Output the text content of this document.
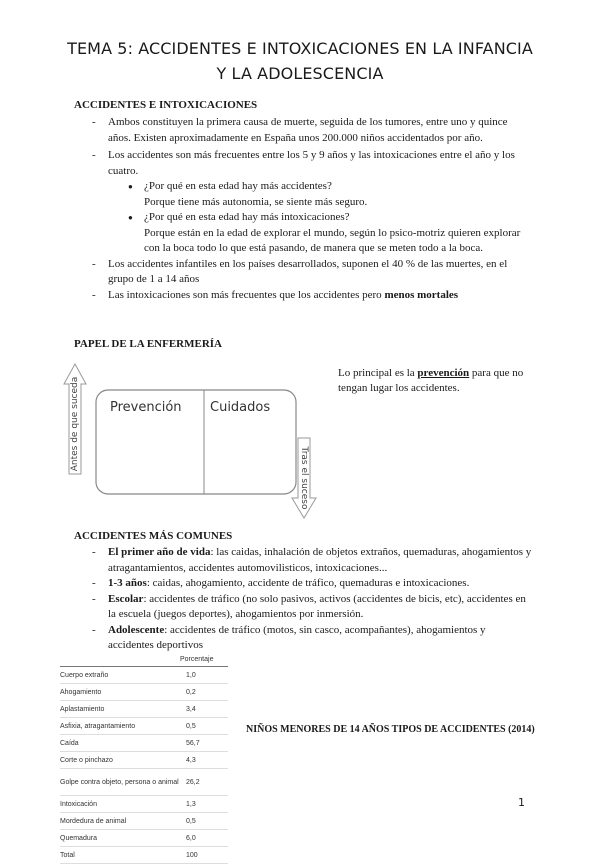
TEMA 5: ACCIDENTES E INTOXICACIONES EN LA INFANCIA
Y LA ADOLESCENCIA
ACCIDENTES E INTOXICACIONES
- Ambos constituyen la primera causa de muerte, seguida de los tumores, entre uno y quince años. Existen aproximadamente en España unos 200.000 niños accidentados por año.
- Los accidentes son más frecuentes entre los 5 y 9 años y las intoxicaciones entre el año y los cuatro.
● ¿Por qué en esta edad hay más accidentes?
Porque tiene más autonomia, se siente más seguro.
● ¿Por qué en esta edad hay más intoxicaciones?
Porque están en la edad de explorar el mundo, según lo psico-motriz quieren explorar con la boca todo lo que está pasando, de manera que se meten todo a la boca.
- Los accidentes infantiles en los países desarrollados, suponen el 40 % de las muertes, en el grupo de 1 a 14 años
- Las intoxicaciones son más frecuentes que los accidentes pero menos mortales
PAPEL DE LA ENFERMERÍA
Prevención Cuidados
Antes de que suceda
Tras el suceso
Lo principal es la prevención para que no tengan lugar los accidentes.
ACCIDENTES MÁS COMUNES
- El primer año de vida: las caidas, inhalación de objetos extraños, quemaduras, ahogamientos y atragantamientos, accidentes automovilisticos, intoxicaciones...
- 1-3 años: caidas, ahogamiento, accidente de tráfico, quemaduras e intoxicaciones.
- Escolar: accidentes de tráfico (no solo pasivos, activos (accidentes de bicis, etc), accidentes en la escuela (juegos deportes), ahogamientos por inmersión.
- Adolescente: accidentes de tráfico (motos, sin casco, acompañantes), ahogamientos y accidentes deportivos
	Porcentaje
Cuerpo extraño	1,0
Ahogamiento	0,2
Aplastamiento	3,4
Asfixia, atragantamiento	0,5
Caída	56,7
Corte o pinchazo	4,3
Golpe contra objeto, persona o animal	26,2
Intoxicación	1,3
Mordedura de animal	0,5
Quemadura	6,0
Total	100
NIÑOS MENORES DE 14 AÑOS TIPOS DE ACCIDENTES (2014)
1
